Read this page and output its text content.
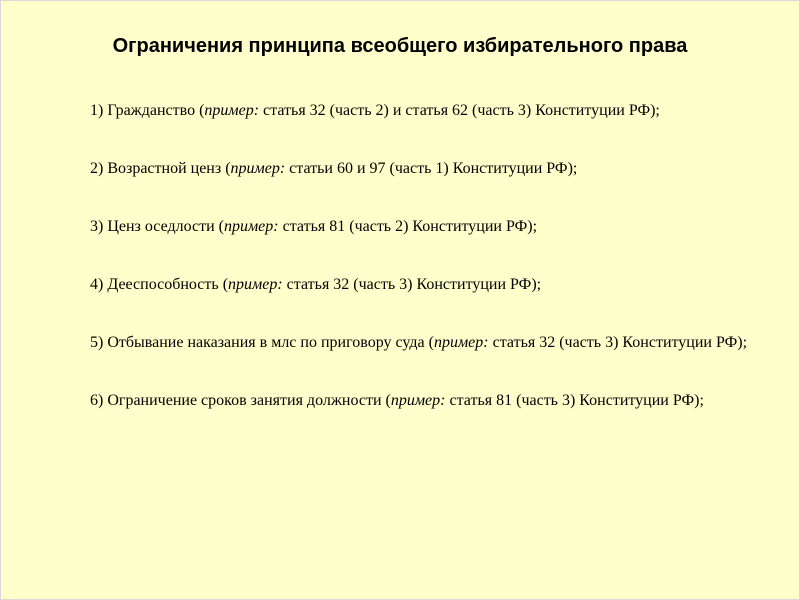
Ограничения принципа всеобщего избирательного права
1) Гражданство (пример: статья 32 (часть 2) и статья 62 (часть 3) Конституции РФ);
2) Возрастной ценз (пример: статьи 60 и 97 (часть 1) Конституции РФ);
3) Ценз оседлости (пример: статья 81 (часть 2) Конституции РФ);
4) Дееспособность (пример: статья 32 (часть 3) Конституции РФ);
5) Отбывание наказания в млс по приговору суда (пример: статья 32 (часть 3) Конституции РФ);
6) Ограничение сроков занятия должности (пример: статья 81 (часть 3) Конституции РФ);
